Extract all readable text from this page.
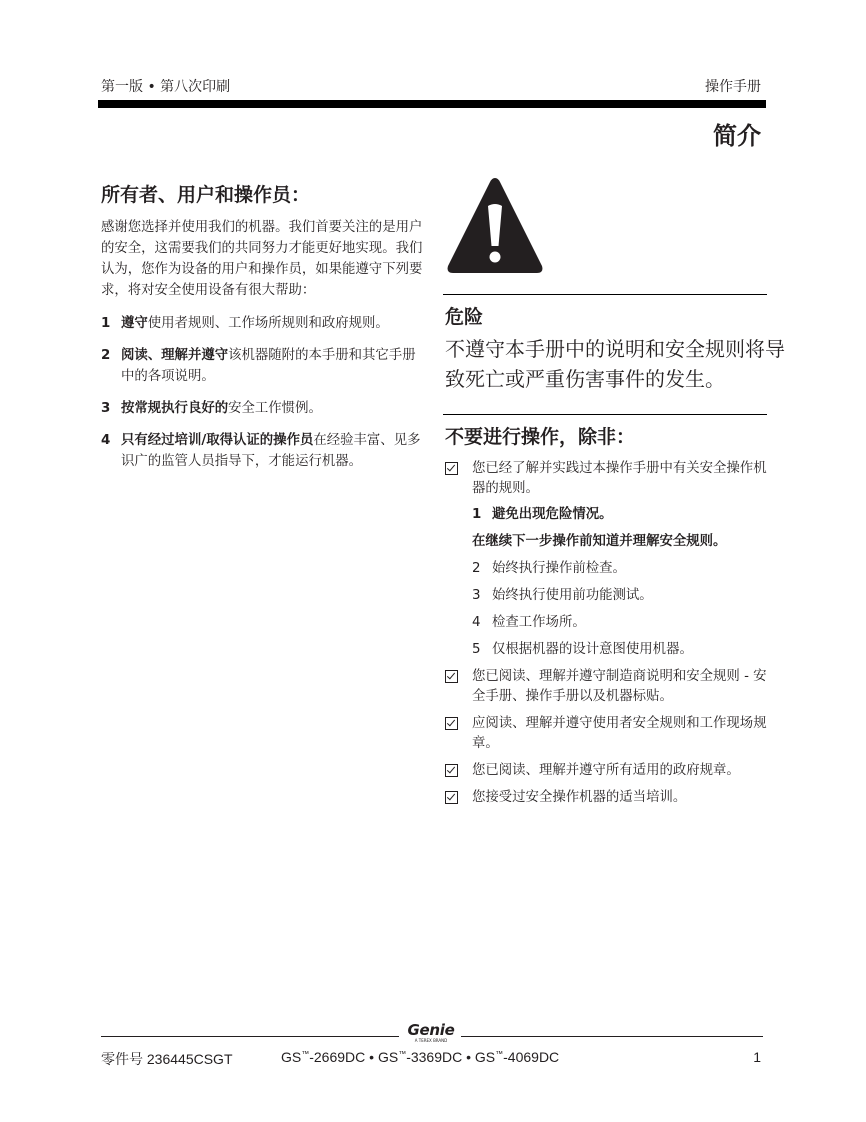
第一版 • 第八次印刷	操作手册
简介
所有者、用户和操作员：

感谢您选择并使用我们的机器。我们首要关注的是用户的安全，这需要我们的共同努力才能更好地实现。我们认为，您作为设备的用户和操作员，如果能遵守下列要求，将对安全使用设备有很大帮助：

1 遵守使用者规则、工作场所规则和政府规则。
2 阅读、理解并遵守该机器随附的本手册和其它手册中的各项说明。
3 按常规执行良好的安全工作惯例。
4 只有经过培训/取得认证的操作员在经验丰富、见多识广的监管人员指导下，才能运行机器。
危险
不遵守本手册中的说明和安全规则将导致死亡或严重伤害事件的发生。
不要进行操作，除非：
您已经了解并实践过本操作手册中有关安全操作机器的规则。
1 避免出现危险情况。
在继续下一步操作前知道并理解安全规则。
2 始终执行操作前检查。
3 始终执行使用前功能测试。
4 检查工作场所。
5 仅根据机器的设计意图使用机器。
您已阅读、理解并遵守制造商说明和安全规则 - 安全手册、操作手册以及机器标贴。
应阅读、理解并遵守使用者安全规则和工作现场规章。
您已阅读、理解并遵守所有适用的政府规章。
您接受过安全操作机器的适当培训。
Genie
A TEREX BRAND
零件号 236445CSGT	GS™-2669DC • GS™-3369DC • GS™-4069DC	1
